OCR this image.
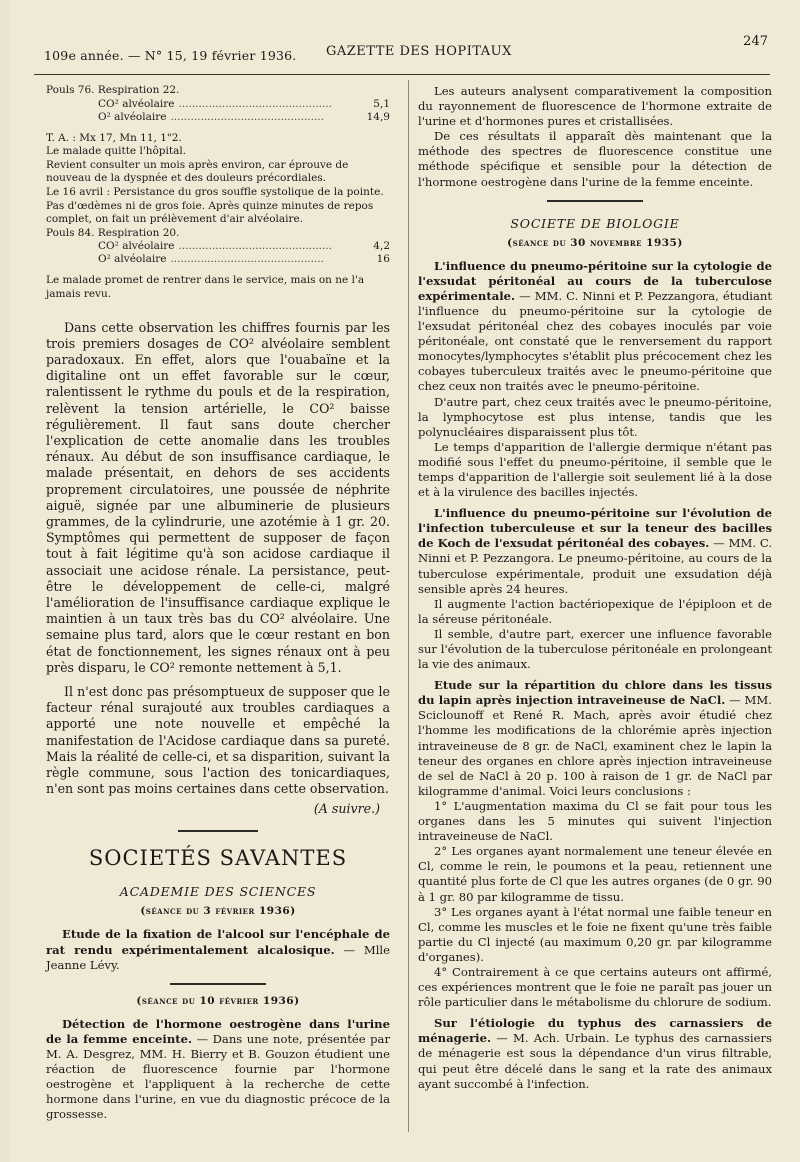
109e année. — N° 15, 19 février 1936. GAZETTE DES HOPITAUX
247

Pouls 76. Respiration 22.

CO² alvéolaire ..............................................	5,1
O² alvéolaire ..............................................	14,9

T. A. : Mx 17, Mn 11, 1"2.

Le malade quitte l'hôpital.

Revient consulter un mois après environ, car éprouve de nouveau de la dyspnée et des douleurs précordiales.

Le 16 avril : Persistance du gros souffle systolique de la pointe. Pas d'œdèmes ni de gros foie. Après quinze minutes de repos complet, on fait un prélèvement d'air alvéolaire.

Pouls 84. Respiration 20.

CO² alvéolaire ..............................................	4,2
O² alvéolaire ..............................................	16

Le malade promet de rentrer dans le service, mais on ne l'a jamais revu.

Dans cette observation les chiffres fournis par les trois premiers dosages de CO² alvéolaire semblent paradoxaux. En effet, alors que l'ouabaïne et la digitaline ont un effet favorable sur le cœur, ralentissent le rythme du pouls et de la respiration, relèvent la tension artérielle, le CO² baisse régulièrement. Il faut sans doute chercher l'explication de cette anomalie dans les troubles rénaux. Au début de son insuffisance cardiaque, le malade présentait, en dehors de ses accidents proprement circulatoires, une poussée de néphrite aiguë, signée par une albuminerie de plusieurs grammes, de la cylindrurie, une azotémie à 1 gr. 20. Symptômes qui permettent de supposer de façon tout à fait légitime qu'à son acidose cardiaque il associait une acidose rénale. La persistance, peut-être le développement de celle-ci, malgré l'amélioration de l'insuffisance cardiaque explique le maintien à un taux très bas du CO² alvéolaire. Une semaine plus tard, alors que le cœur restant en bon état de fonctionnement, les signes rénaux ont à peu près disparu, le CO² remonte nettement à 5,1.

Il n'est donc pas présomptueux de supposer que le facteur rénal surajouté aux troubles cardiaques a apporté une note nouvelle et empêché la manifestation de l'Acidose cardiaque dans sa pureté. Mais la réalité de celle-ci, et sa disparition, suivant la règle commune, sous l'action des tonicardiaques, n'en sont pas moins certaines dans cette observation.

(A suivre.)

SOCIETÉS SAVANTES
ACADEMIE DES SCIENCES
(séance du 3 février 1936)

Etude de la fixation de l'alcool sur l'encéphale de rat rendu expérimentalement alcalosique. — Mlle Jeanne Lévy.

(séance du 10 février 1936)

Détection de l'hormone oestrogène dans l'urine de la femme enceinte. — Dans une note, présentée par M. A. Desgrez, MM. H. Bierry et B. Gouzon étudient une réaction de fluorescence fournie par l'hormone oestrogène et l'appliquent à la recherche de cette hormone dans l'urine, en vue du diagnostic précoce de la grossesse.

Les auteurs analysent comparativement la composition du rayonnement de fluorescence de l'hormone extraite de l'urine et d'hormones pures et cristallisées.

De ces résultats il apparaît dès maintenant que la méthode des spectres de fluorescence constitue une méthode spécifique et sensible pour la détection de l'hormone oestrogène dans l'urine de la femme enceinte.

SOCIETE DE BIOLOGIE
(séance du 30 novembre 1935)

L'influence du pneumo-péritoine sur la cytologie de l'exsudat péritonéal au cours de la tuberculose expérimentale. — MM. C. Ninni et P. Pezzangora, étudiant l'influence du pneumo-péritoine sur la cytologie de l'exsudat péritonéal chez des cobayes inoculés par voie péritonéale, ont constaté que le renversement du rapport monocytes/lymphocytes s'établit plus précocement chez les cobayes tuberculeux traités avec le pneumo-péritoine que chez ceux non traités avec le pneumo-péritoine.

D'autre part, chez ceux traités avec le pneumo-péritoine, la lymphocytose est plus intense, tandis que les polynucléaires disparaissent plus tôt.

Le temps d'apparition de l'allergie dermique n'étant pas modifié sous l'effet du pneumo-péritoine, il semble que le temps d'apparition de l'allergie soit seulement lié à la dose et à la virulence des bacilles injectés.

L'influence du pneumo-péritoine sur l'évolution de l'infection tuberculeuse et sur la teneur des bacilles de Koch de l'exsudat péritonéal des cobayes. — MM. C. Ninni et P. Pezzangora. Le pneumo-péritoine, au cours de la tuberculose expérimentale, produit une exsudation déjà sensible après 24 heures.

Il augmente l'action bactériopexique de l'épiploon et de la séreuse péritonéale.

Il semble, d'autre part, exercer une influence favorable sur l'évolution de la tuberculose péritonéale en prolongeant la vie des animaux.

Etude sur la répartition du chlore dans les tissus du lapin après injection intraveineuse de NaCl. — MM. Sciclounoff et René R. Mach, après avoir étudié chez l'homme les modifications de la chlorémie après injection intraveineuse de 8 gr. de NaCl, examinent chez le lapin la teneur des organes en chlore après injection intraveineuse de sel de NaCl à 20 p. 100 à raison de 1 gr. de NaCl par kilogramme d'animal. Voici leurs conclusions :

1° L'augmentation maxima du Cl se fait pour tous les organes dans les 5 minutes qui suivent l'injection intraveineuse de NaCl.

2° Les organes ayant normalement une teneur élevée en Cl, comme le rein, le poumons et la peau, retiennent une quantité plus forte de Cl que les autres organes (de 0 gr. 90 à 1 gr. 80 par kilogramme de tissu.

3° Les organes ayant à l'état normal une faible teneur en Cl, comme les muscles et le foie ne fixent qu'une très faible partie du Cl injecté (au maximum 0,20 gr. par kilogramme d'organes).

4° Contrairement à ce que certains auteurs ont affirmé, ces expériences montrent que le foie ne paraît pas jouer un rôle particulier dans le métabolisme du chlorure de sodium.

Sur l'étiologie du typhus des carnassiers de ménagerie. — M. Ach. Urbain. Le typhus des carnassiers de ménagerie est sous la dépendance d'un virus filtrable, qui peut être décelé dans le sang et la rate des animaux ayant succombé à l'infection.
